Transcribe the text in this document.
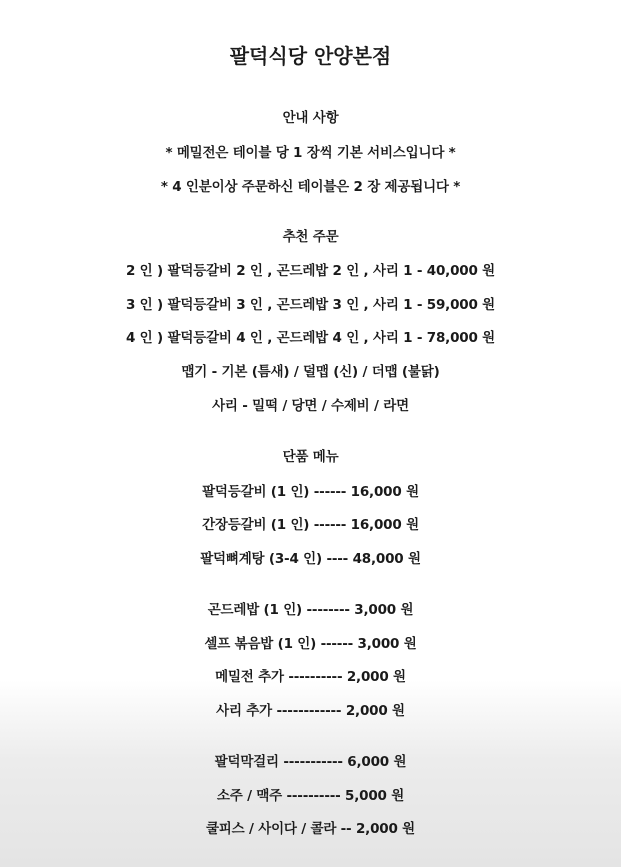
팔덕식당 안양본점
안내 사항
* 메밀전은 테이블 당 1 장씩 기본 서비스입니다 *
* 4 인분이상 주문하신 테이블은 2 장 제공됩니다 *
추천 주문
2 인 ) 팔덕등갈비 2 인 , 곤드레밥 2 인 , 사리 1 - 40,000 원
3 인 ) 팔덕등갈비 3 인 , 곤드레밥 3 인 , 사리 1 - 59,000 원
4 인 ) 팔덕등갈비 4 인 , 곤드레밥 4 인 , 사리 1 - 78,000 원
맵기 - 기본 (틈새) / 덜맵 (신) / 더맵 (불닭)
사리 - 밀떡 / 당면 / 수제비 / 라면
단품 메뉴
팔덕등갈비 (1 인) ------ 16,000 원
간장등갈비 (1 인) ------ 16,000 원
팔덕뼈계탕 (3-4 인) ---- 48,000 원
곤드레밥 (1 인) -------- 3,000 원
셀프 볶음밥 (1 인) ------ 3,000 원
메밀전 추가 ---------- 2,000 원
사리 추가 ------------ 2,000 원
팔덕막걸리 ----------- 6,000 원
소주 / 맥주 ---------- 5,000 원
쿨피스 / 사이다 / 콜라 -- 2,000 원
